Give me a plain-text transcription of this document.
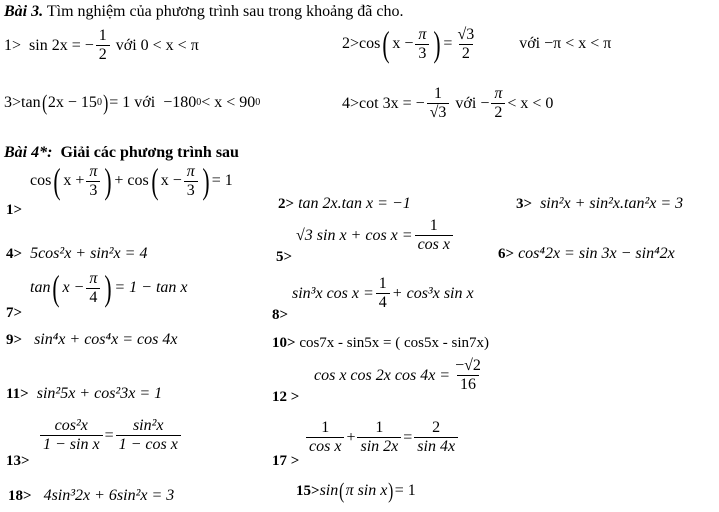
Bài 3. Tìm nghiệm của phương trình sau trong khoảng đã cho.
1>
sin 2x = − $\frac{1}{2}$
với 0 < x < π	2> cos ( $x - \frac{\pi}{3}$ ) = $\frac{√3}{2}$	với −π < x < π
3> tan ( 2x − 15 0 ) = 1 với
−180 0 < x < 90 0	4> cot 3x = − $\frac{1}{√3}$
với − $\frac{\pi}{2} < x < 0$
Bài 4*: Giải các phương trình sau
1>
cos ( $x + \frac{\pi}{3}$ ) + cos ( $x - \frac{\pi}{3}$ ) = 1
2> tan 2x.tan x = −1	3> sin²x + sin²x.tan²x = 3
4> 5cos²x + sin²x = 4	5>
√3 $\sin x + \cos x = \frac{1}{\text{cos x}}$
6> cos⁴2x = sin 3x − sin⁴2x
7>
tan ( $x - \frac{\pi}{4}$ ) = 1 − tan x
8>
sin³x $\cos x = \frac{1}{4} + \cos^3x$ sin x
9> sin⁴x + cos⁴x = cos 4x	10> cos7x - sin5x = ( cos5x - sin7x)
11> sin²5x + cos²3x = 1	12 >
cos x cos 2x $\cos 4x = \frac{-√2}{16}$
13>
$\frac{\text{cos²x}}{\text{1 − sin x}} = \frac{\text{sin²x}}{\text{1 − cos x}}$
17 >
$\frac{1}{\text{cos x}} + \frac{1}{\sin 2x} = \frac{2}{\sin 4x}$
18> 4sin³2x + 6sin²x = 3	15> sin ( π sin x ) = 1
